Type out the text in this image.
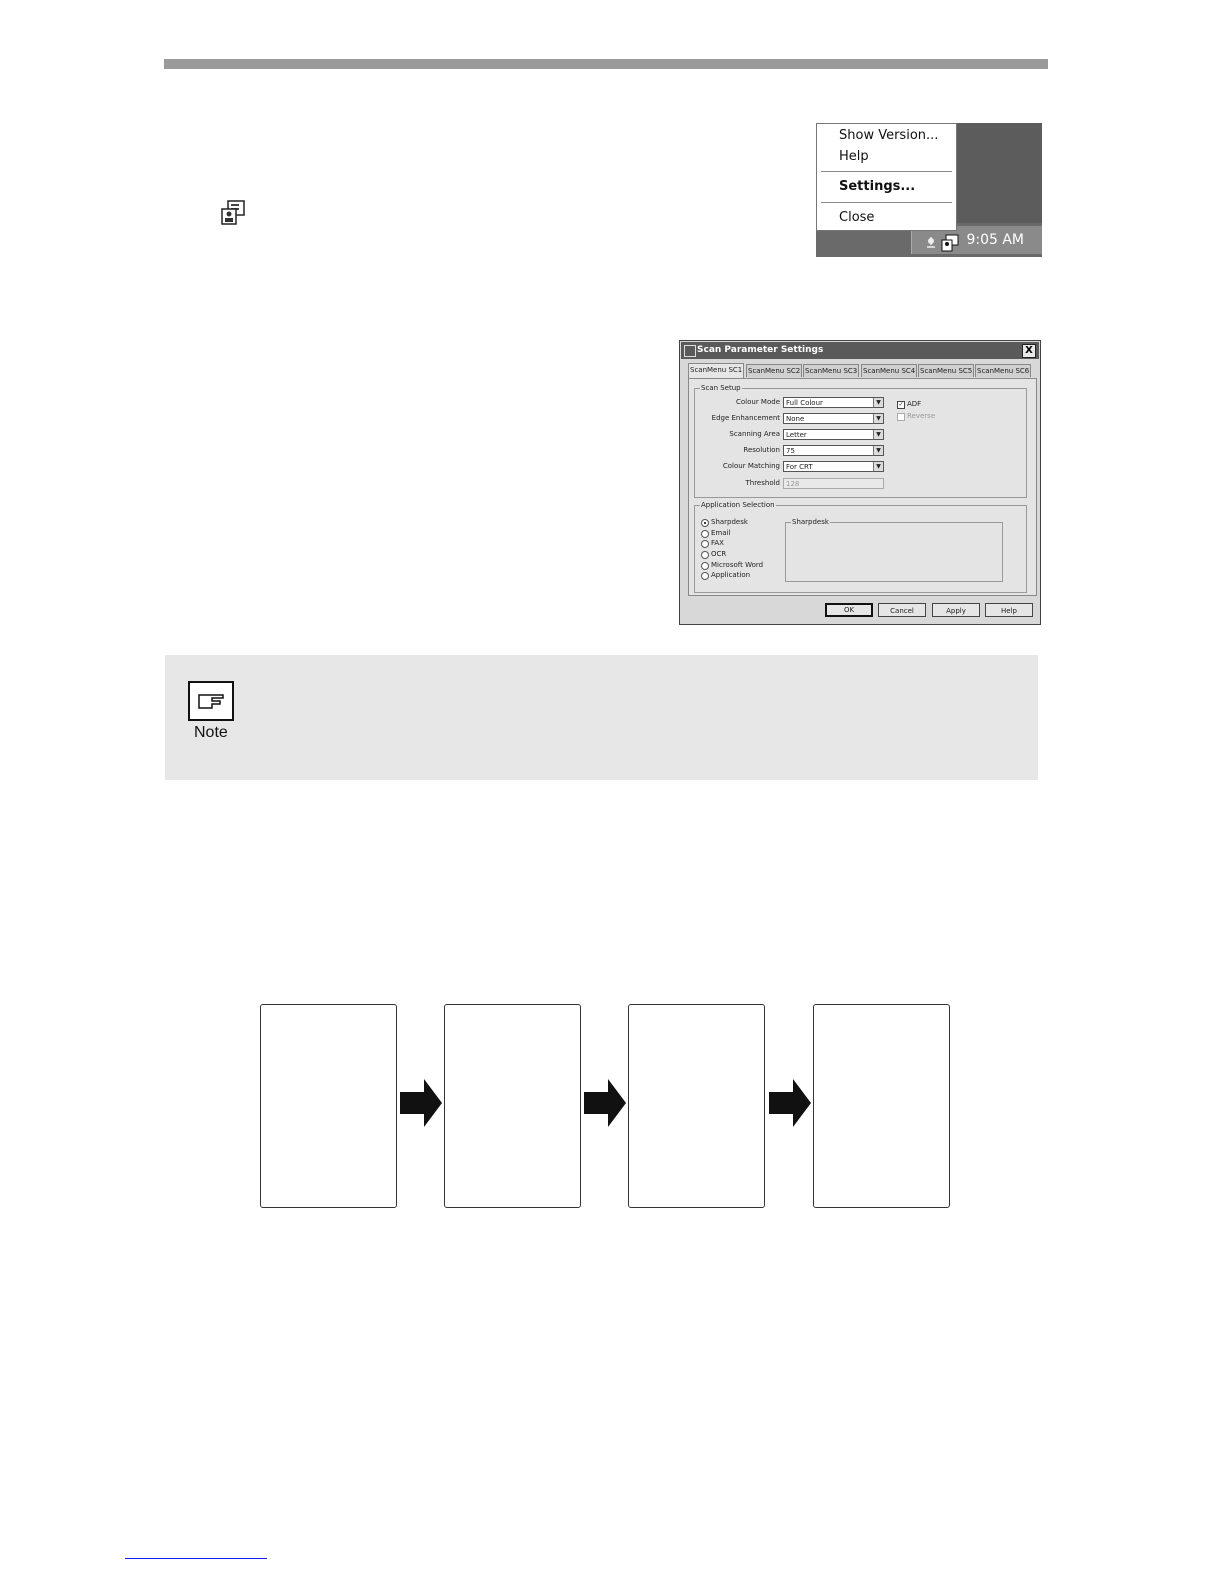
9:05 AM
Show Version...
Help
Settings...
Close
Scan Parameter Settings	X
ScanMenu SC1 ScanMenu SC2 ScanMenu SC3 ScanMenu SC4 ScanMenu SC5 ScanMenu SC6
Scan Setup
Colour Mode Full Colour	▼
Edge Enhancement None	▼
Scanning Area Letter	▼
Resolution 75	▼
Colour Matching For CRT	▼
Threshold 128
✓ ADF
Reverse
Application Selection
Sharpdesk
Email
FAX
OCR
Microsoft Word
Application
Sharpdesk
OK	Cancel	Apply	Help
Note
